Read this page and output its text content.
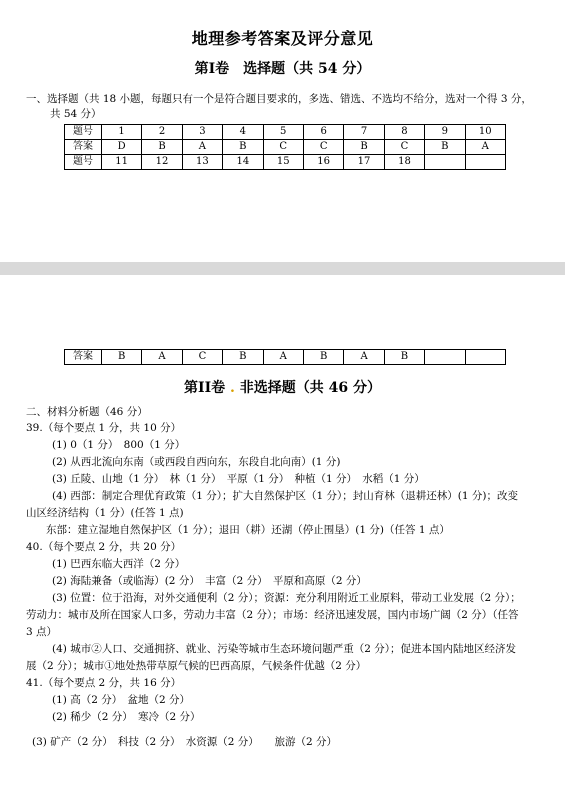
地理参考答案及评分意见
第I卷　选择题（共 54 分）
一、选择题（共 18 小题，每题只有一个是符合题目要求的，多选、错选、不选均不给分，选对一个得 3 分，
共 54 分）
题号	1	2	3	4	5	6	7	8	9	10
答案	D	B	A	B	C	C	B	C	B	A
题号	11	12	13	14	15	16	17	18		
答案	B	A	C	B	A	B	A	B		
第II卷 . 非选择题（共 46 分）
二、材料分析题（46 分）
39.（每个要点 1 分，共 10 分）
(1) 0（1 分）　800（1 分）
(2) 从西北流向东南（或西段自西向东，东段自北向南）(1 分)
(3) 丘陵、山地（1 分）　林（1 分）　平原（1 分）　种植（1 分）　水稻（1 分）
(4) 西部：制定合理优育政策（1 分）；扩大自然保护区（1 分）；封山育林（退耕还林）(1 分)；改变
山区经济结构（1 分）(任答 1 点)
东部：建立湿地自然保护区（1 分）；退田（耕）还湖（停止围垦）(1 分)（任答 1 点）
40.（每个要点 2 分，共 20 分）
(1) 巴西东临大西洋（2 分）
(2) 海陆兼备（或临海）(2 分）　丰富（2 分）　平原和高原（2 分）
(3) 位置：位于沿海，对外交通便利（2 分）；资源：充分利用附近工业原料，带动工业发展（2 分）；
劳动力：城市及所在国家人口多，劳动力丰富（2 分）；市场：经济迅速发展，国内市场广阔（2 分）（任答
3 点）
(4) 城市②人口、交通拥挤、就业、污染等城市生态环境问题严重（2 分）；促进本国内陆地区经济发
展（2 分）；城市①地处热带草原气候的巴西高原，气候条件优越（2 分）
41.（每个要点 2 分，共 16 分）
(1) 高（2 分）　盆地（2 分）
(2) 稀少（2 分）　寒冷（2 分）
(3) 矿产（2 分）　科技（2 分）　水资源（2 分）　　旅游（2 分）
